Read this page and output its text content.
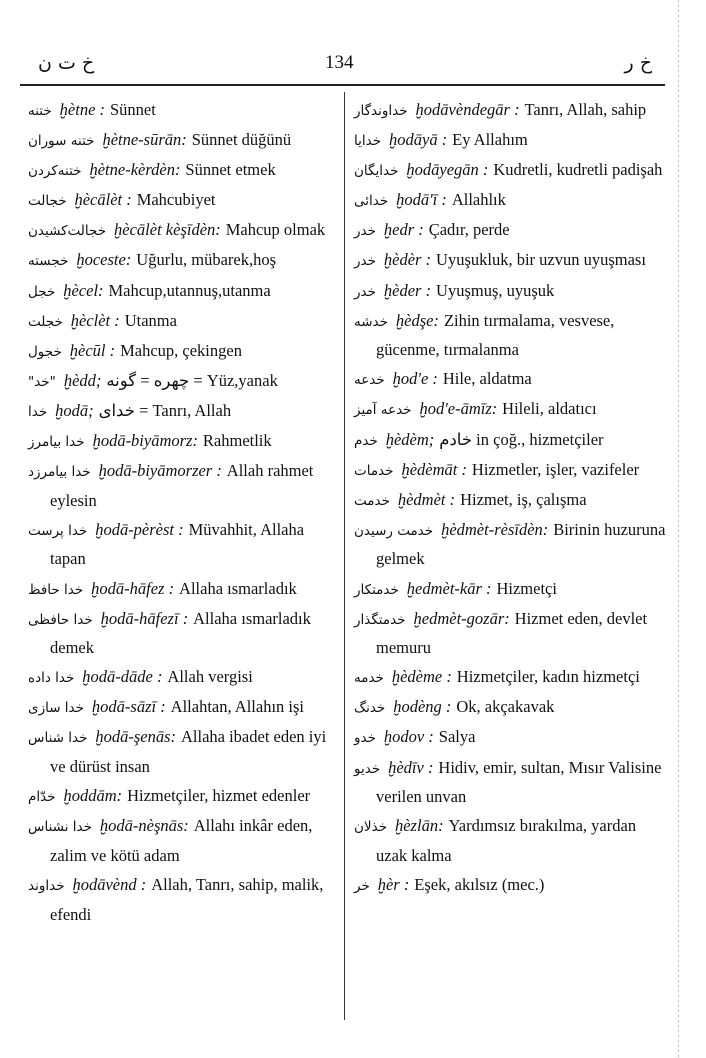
خ ت ن	134	خ ر
ختنه ḫètne : Sünnet
ختنه سوران ḫètne-sūrān: Sünnet düğünü
ختنه‌كردن ḫètne-kèrdèn: Sünnet etmek
خجالت ḫècālèt : Mahcubiyet
خجالت‌كشيدن ḫècālèt kèşīdèn: Mahcup olmak
خجسته ḫoceste: Uğurlu, mübarek,hoş
خجل ḫècel: Mahcup,utannuş,utanma
خجلت ḫèclèt : Utanma
خجول ḫècūl : Mahcup, çekingen
"خد" ḫèdd; چهره = گونه = Yüz,yanak
خدا ḫodā; خداى = Tanrı, Allah
خدا بيامرز ḫodā-biyāmorz: Rahmetlik
خدا بيامرزد ḫodā-biyāmorzer : Allah rahmet eylesin
خدا پرست ḫodā-pèrèst : Müvahhit, Allaha tapan
خدا حافظ ḫodā-hāfez : Allaha ısmarladık
خدا حافظى ḫodā-hāfezī : Allaha ısmarladık demek
خدا داده ḫodā-dāde : Allah vergisi
خدا سازى ḫodā-sāzī : Allahtan, Allahın işi
خدا شناس ḫodā-şenās: Allaha ibadet eden iyi ve dürüst insan
خدّام ḫoddām: Hizmetçiler, hizmet edenler
خدا نشناس ḫodā-nèşnās: Allahı inkâr eden, zalim ve kötü adam
خداوند ḫodāvènd : Allah, Tanrı, sahip, malik, efendi
خداوندگار ḫodāvèndegār : Tanrı, Allah, sahip
خدايا ḫodāyā : Ey Allahım
خدايگان ḫodāyegān : Kudretli, kudretli padişah
خدائى ḫodā'ī : Allahlık
خدر ḫedr : Çadır, perde
خدر ḫèdèr : Uyuşukluk, bir uzvun uyuşması
خدر ḫèder : Uyuşmuş, uyuşuk
خدشه ḫèdşe: Zihin tırmalama, vesvese, gücenme, tırmalanma
خدعه ḫod'e : Hile, aldatma
خدعه آميز ḫod'e-āmīz: Hileli, aldatıcı
خدم ḫèdèm; خادم in çoğ., hizmetçiler
خدمات ḫèdèmāt : Hizmetler, işler, vazifeler
خدمت ḫèdmèt : Hizmet, iş, çalışma
خدمت رسيدن ḫèdmèt-rèsīdèn: Birinin huzuruna gelmek
خدمتكار ḫedmèt-kār : Hizmetçi
خدمتگذار ḫedmèt-gozār: Hizmet eden, devlet memuru
خدمه ḫèdème : Hizmetçiler, kadın hizmetçi
خدنگ ḫodèng : Ok, akçakavak
خدو ḫodov : Salya
خديو ḫèdīv : Hidiv, emir, sultan, Mısır Valisine verilen unvan
خذلان ḫèzlān: Yardımsız bırakılma, yardan uzak kalma
خر ḫèr : Eşek, akılsız (mec.)
